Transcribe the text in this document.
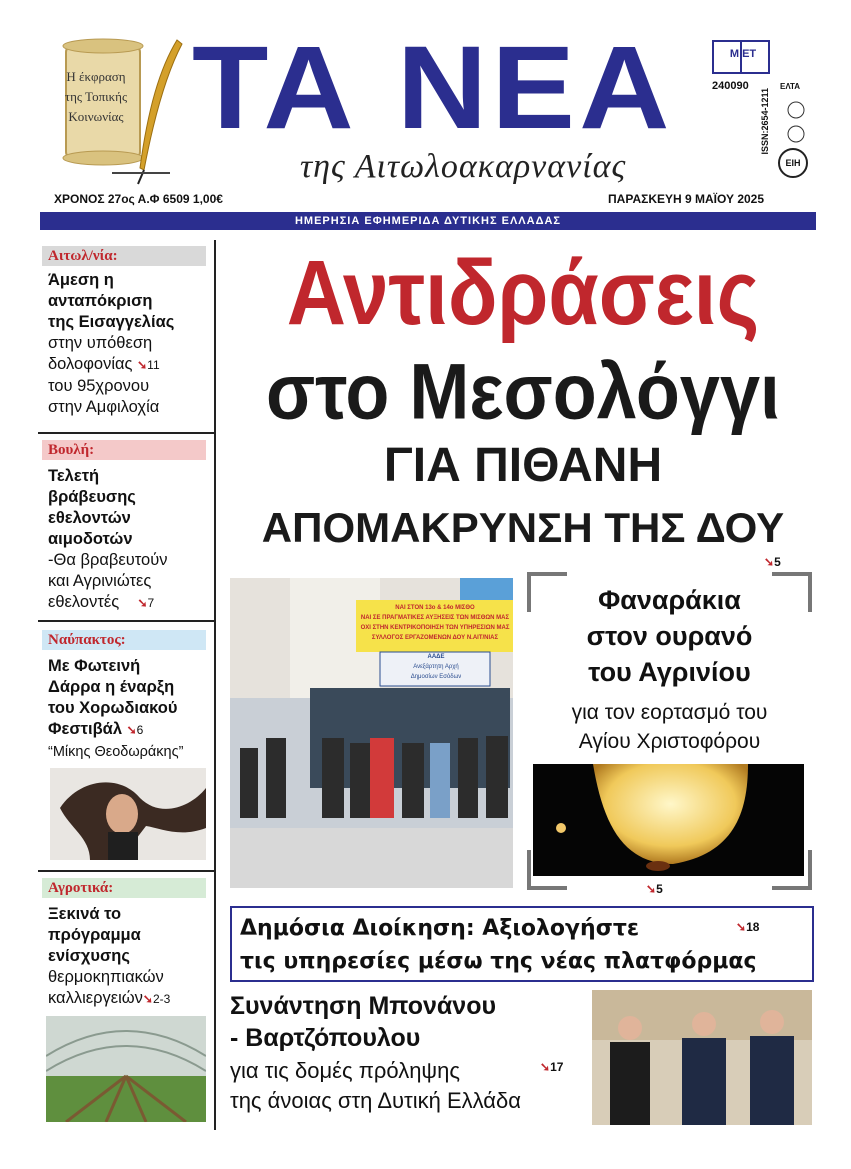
Η έκφραση
της Τοπικής
Κοινωνίας ΤΑ ΝΕΑ
της Αιτωλοακαρνανίας
Μ ΕΤ
240090
ISSN:2654-1211
ΕΛΤΑ
ΕΙΗ
ΧΡΟΝΟΣ 27ος Α.Φ 6509 1,00€	ΠΑΡΑΣΚΕΥΗ 9 ΜΑΪΟΥ 2025
ΗΜΕΡΗΣΙΑ ΕΦΗΜΕΡΙΔΑ ΔΥΤΙΚΗΣ ΕΛΛΑΔΑΣ
Αιτωλ/νία:
Άμεση η
ανταπόκριση
της Εισαγγελίας
στην υπόθεση
δολοφονίας ➘11
του 95χρονου
στην Αμφιλοχία
Βουλή:
Τελετή
βράβευσης
εθελοντών
αιμοδοτών
-Θα βραβευτούν
και Αγρινιώτες
εθελοντές ➘7
Ναύπακτος:
Με Φωτεινή
Δάρρα η έναρξη
του Χορωδιακού
Φεστιβάλ ➘6
“Μίκης Θεοδωράκης”
Αγροτικά:
Ξεκινά το
πρόγραμμα
ενίσχυσης
θερμοκηπιακών
καλλιεργειών➘2-3
Αντιδράσεις
στο Μεσολόγγι
ΓΙΑ ΠΙΘΑΝΗ
ΑΠΟΜΑΚΡΥΝΣΗ ΤΗΣ ΔΟΥ
➘5
ΝΑΙ ΣΤΟΝ 13ο & 14ο ΜΙΣΘΟ
ΝΑΙ ΣΕ ΠΡΑΓΜΑΤΙΚΕΣ ΑΥΞΗΣΕΙΣ ΤΩΝ ΜΙΣΘΩΝ ΜΑΣ
ΟΧΙ ΣΤΗΝ ΚΕΝΤΡΙΚΟΠΟΙΗΣΗ ΤΩΝ ΥΠΗΡΕΣΙΩΝ ΜΑΣ
ΣΥΛΛΟΓΟΣ ΕΡΓΑΖΟΜΕΝΩΝ ΔΟΥ Ν.ΑΙΤ/ΝΙΑΣ
ΑΑΔΕ
Ανεξάρτητη Αρχή
Δημοσίων Εσόδων
Φαναράκια
στον ουρανό
του Αγρινίου
για τον εορτασμό του
Αγίου Χριστοφόρου
➘5
Δημόσια Διοίκηση: Αξιολογήστε
τις υπηρεσίες μέσω της νέας πλατφόρμας
➘18
Συνάντηση Μπονάνου
- Βαρτζόπουλου
για τις δομές πρόληψης
της άνοιας στη Δυτική Ελλάδα
➘17
